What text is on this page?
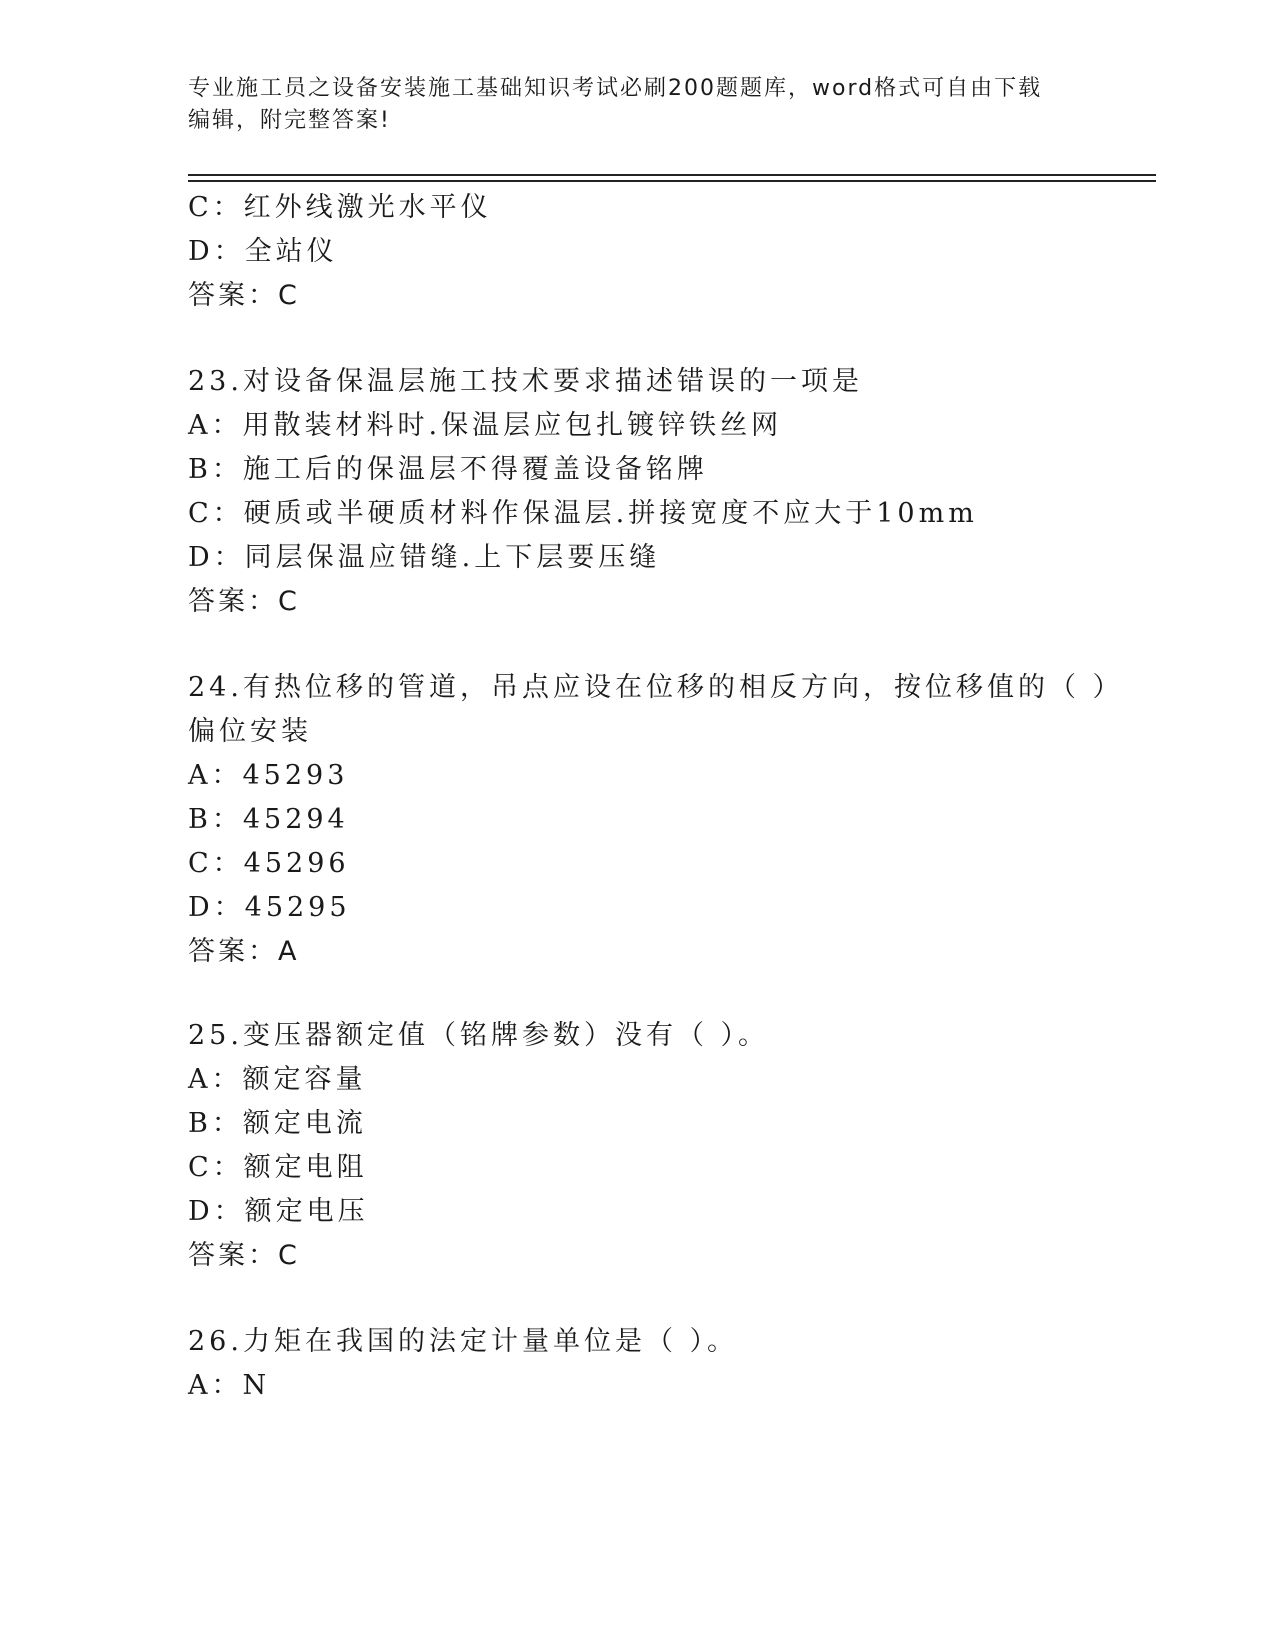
专业施工员之设备安装施工基础知识考试必刷200题题库，word格式可自由下载
编辑，附完整答案!
C：红外线激光水平仪
D：全站仪
答案：C
23.对设备保温层施工技术要求描述错误的一项是
A：用散装材料时.保温层应包扎镀锌铁丝网
B：施工后的保温层不得覆盖设备铭牌
C：硬质或半硬质材料作保温层.拼接宽度不应大于10mm
D：同层保温应错缝.上下层要压缝
答案：C
24.有热位移的管道，吊点应设在位移的相反方向，按位移值的（ ）
偏位安装
A：45293
B：45294
C：45296
D：45295
答案：A
25.变压器额定值（铭牌参数）没有（ ）。
A：额定容量
B：额定电流
C：额定电阻
D：额定电压
答案：C
26.力矩在我国的法定计量单位是（ ）。
A：N
